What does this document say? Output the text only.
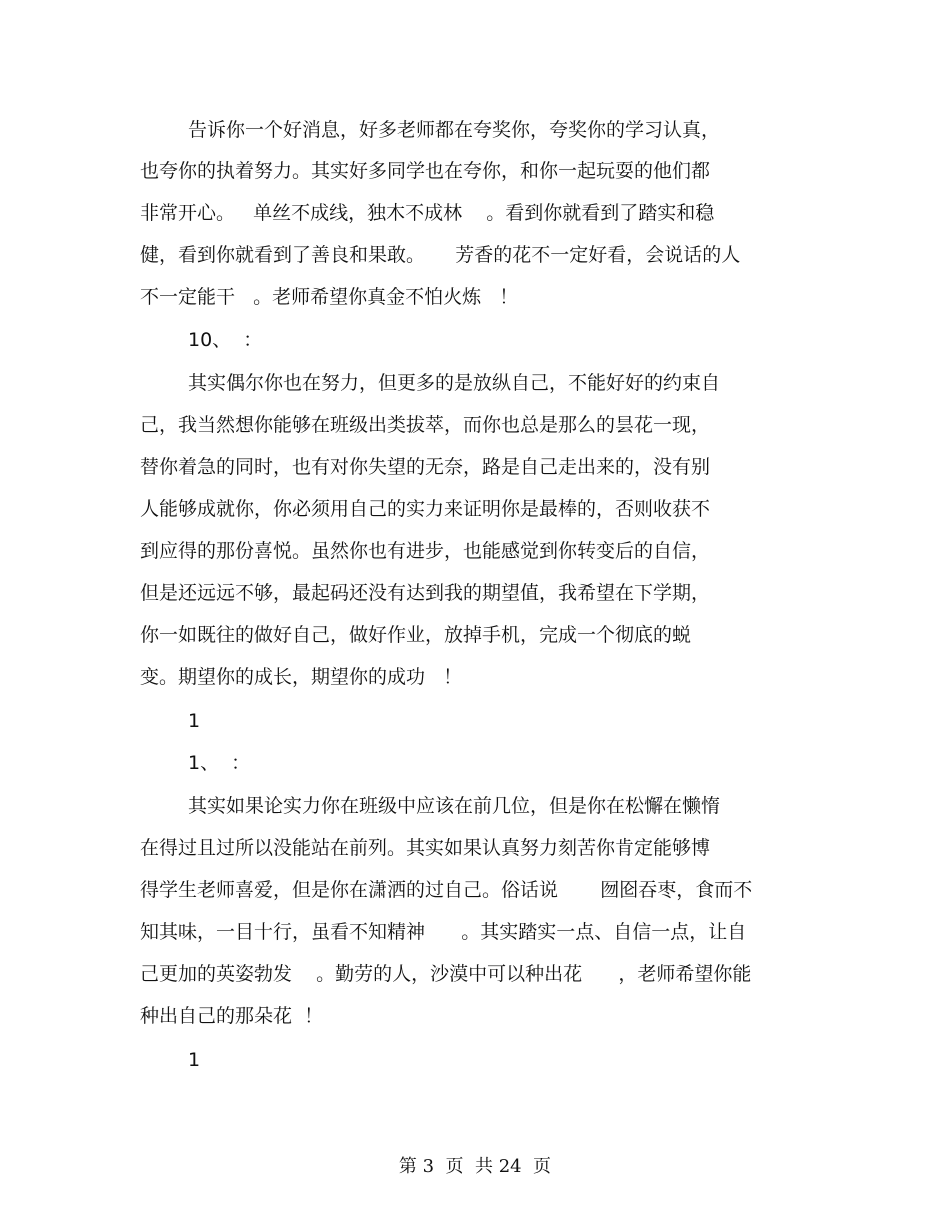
告诉你一个好消息，好多老师都在夸奖你，夸奖你的学习认真，
也夸你的执着努力。其实好多同学也在夸你，和你一起玩耍的他们都
非常开心。   单丝不成线，独木不成林    。看到你就看到了踏实和稳
健，看到你就看到了善良和果敢。     芳香的花不一定好看，会说话的人
不一定能干   。老师希望你真金不怕火炼   ！
10、  ：
其实偶尔你也在努力，但更多的是放纵自己，不能好好的约束自
己，我当然想你能够在班级出类拔萃，而你也总是那么的昙花一现，
替你着急的同时，也有对你失望的无奈，路是自己走出来的，没有别
人能够成就你，你必须用自己的实力来证明你是最棒的，否则收获不
到应得的那份喜悦。虽然你也有进步，也能感觉到你转变后的自信，
但是还远远不够，最起码还没有达到我的期望值，我希望在下学期，
你一如既往的做好自己，做好作业，放掉手机，完成一个彻底的蜕
变。期望你的成长，期望你的成功   ！
1
1、  ：
其实如果论实力你在班级中应该在前几位，但是你在松懈在懒惰
在得过且过所以没能站在前列。其实如果认真努力刻苦你肯定能够博
得学生老师喜爱，但是你在潇洒的过自己。俗话说       囫囵吞枣，食而不
知其味，一目十行，虽看不知精神      。其实踏实一点、自信一点，让自
己更加的英姿勃发    。勤劳的人，沙漠中可以种出花      ，老师希望你能
种出自己的那朵花  ！
1
第 3  页  共 24  页
